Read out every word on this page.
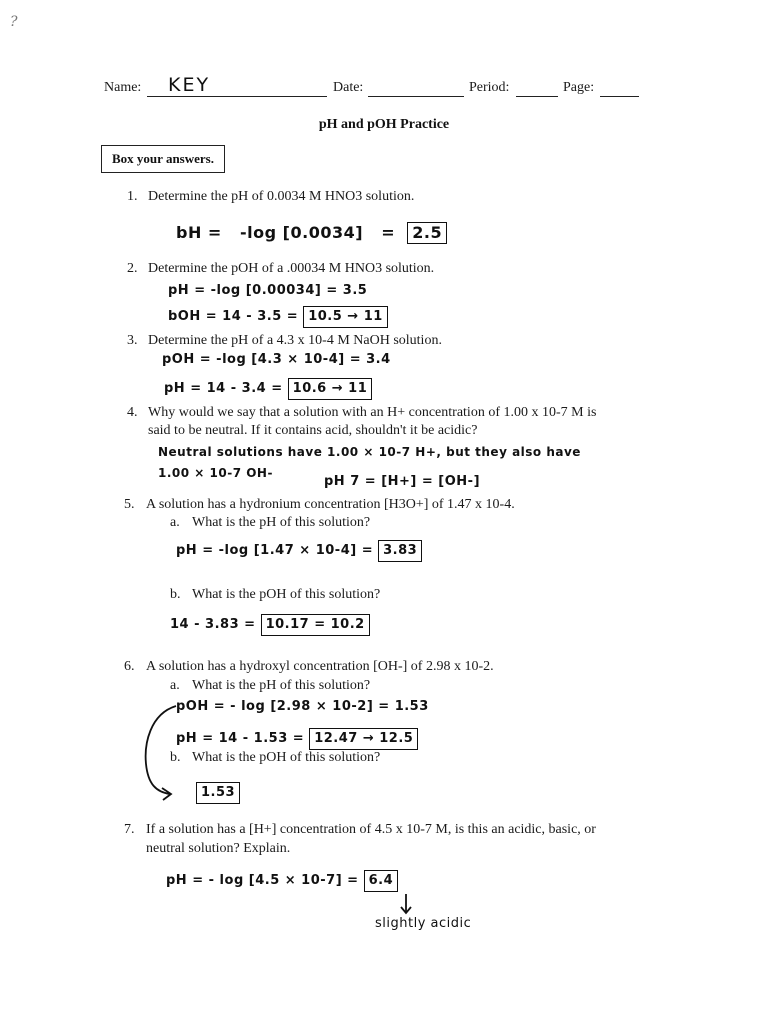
?
Name: KEY	Date:	Period:	Page:
pH and pOH Practice
Box your answers.
1. Determine the pH of 0.0034 M HNO3 solution.
bH =   -log [0.0034]   =  2.5
2. Determine the pOH of a .00034 M HNO3 solution.
pH = -log [0.00034] = 3.5
bOH = 14 - 3.5 = 10.5 → 11
3. Determine the pH of a 4.3 x 10-4 M NaOH solution.
pOH = -log [4.3 × 10-4] = 3.4
pH = 14 - 3.4 = 10.6 → 11
4. Why would we say that a solution with an H+ concentration of 1.00 x 10-7 M is
said to be neutral. If it contains acid, shouldn't it be acidic?
Neutral solutions have 1.00 × 10-7 H+, but they also have
1.00 × 10-7 OH-
pH 7 = [H+] = [OH-]
5. A solution has a hydronium concentration [H3O+] of 1.47 x 10-4.
a. What is the pH of this solution?
pH = -log [1.47 × 10-4] = 3.83
b. What is the pOH of this solution?
14 - 3.83 = 10.17 = 10.2
6. A solution has a hydroxyl concentration [OH-] of 2.98 x 10-2.
a. What is the pH of this solution?
pOH = - log [2.98 × 10-2] = 1.53
pH = 14 - 1.53 = 12.47 → 12.5
b. What is the pOH of this solution?
1.53
7. If a solution has a [H+] concentration of 4.5 x 10-7 M, is this an acidic, basic, or
neutral solution? Explain.
pH = - log [4.5 × 10-7] = 6.4
slightly acidic
